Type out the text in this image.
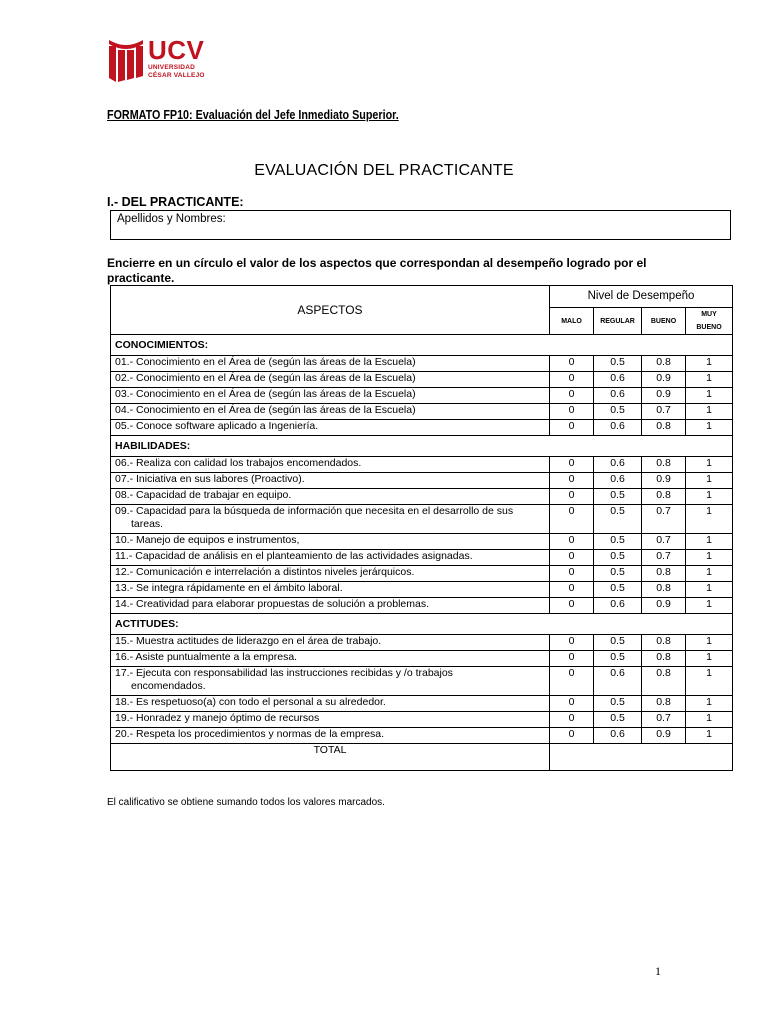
UCV
UNIVERSIDAD
CÉSAR VALLEJO
FORMATO FP10: Evaluación del Jefe Inmediato Superior.
EVALUACIÓN DEL PRACTICANTE
I.- DEL PRACTICANTE:
Apellidos y Nombres:
Encierre en un círculo el valor de los aspectos que correspondan al desempeño logrado por el practicante.
ASPECTOS	Nivel de Desempeño			
	MALO	REGULAR	BUENO	MUY BUENO
CONOCIMIENTOS:				
01.- Conocimiento en el Área de (según las áreas de la Escuela)	0	0.5	0.8	1
02.- Conocimiento en el Área de (según las áreas de la Escuela)	0	0.6	0.9	1
03.- Conocimiento en el Área de (según las áreas de la Escuela)	0	0.6	0.9	1
04.- Conocimiento en el Área de (según las áreas de la Escuela)	0	0.5	0.7	1
05.- Conoce software aplicado a Ingeniería.	0	0.6	0.8	1
HABILIDADES:				
06.- Realiza con calidad los trabajos encomendados.	0	0.6	0.8	1
07.- Iniciativa en sus labores (Proactivo).	0	0.6	0.9	1
08.- Capacidad de trabajar en equipo.	0	0.5	0.8	1
09.- Capacidad para la búsqueda de información que necesita en el desarrollo de sus
tareas.	0	0.5	0.7	1
10.- Manejo de equipos e instrumentos,	0	0.5	0.7	1
11.- Capacidad de análisis en el planteamiento de las actividades asignadas.	0	0.5	0.7	1
12.- Comunicación e interrelación a distintos niveles jerárquicos.	0	0.5	0.8	1
13.- Se integra rápidamente en el ámbito laboral.	0	0.5	0.8	1
14.- Creatividad para elaborar propuestas de solución a problemas.	0	0.6	0.9	1
ACTITUDES:				
15.- Muestra actitudes de liderazgo en el área de trabajo.	0	0.5	0.8	1
16.- Asiste puntualmente a la empresa.	0	0.5	0.8	1
17.- Ejecuta con responsabilidad las instrucciones recibidas y /o trabajos
encomendados.	0	0.6	0.8	1
18.- Es respetuoso(a) con todo el personal a su alrededor.	0	0.5	0.8	1
19.- Honradez y manejo óptimo de recursos	0	0.5	0.7	1
20.- Respeta los procedimientos y normas de la empresa.	0	0.6	0.9	1
TOTAL				
El calificativo se obtiene sumando todos los valores marcados.
1
